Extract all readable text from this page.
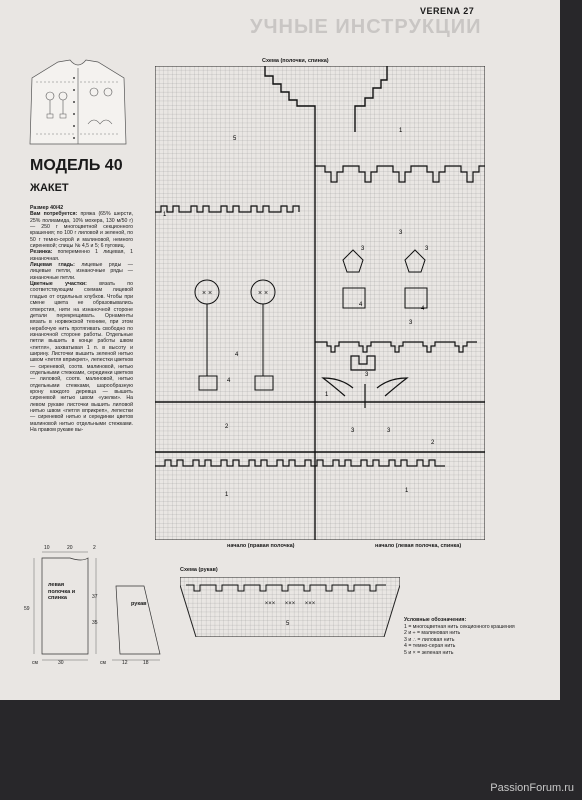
УЧНЫЕ ИНСТРУКЦИИ
VERENA 27
МОДЕЛЬ 40
ЖАКЕТ

Размер 40/42

Вам потребуется: пряжа (65% шерсти, 25% полиамида, 10% мохера, 130 м/50 г) — 250 г многоцветной секционного крашения; по 100 г лиловой и зеленой, по 50 г темно-серой и малиновой, немного сиреневой; спицы № 4,5 и 5; 6 пуговиц.

Резинка: попеременно 1 лицевая, 1 изнаночная.

Лицевая гладь: лицевые ряды — лицевые петли, изнаночные ряды — изнаночные петли.

Цветные участки: вязать по соответствующим схемам лицевой гладью от отдельных клубков. Чтобы при смене цвета не образовывались отверстия, нити на изнаночной стороне детали перекрещивать. Орнаменты вязать в норвежской технике, при этом нерабочую нить протягивать свободно по изнаночной стороне работы. Отдельные петли вышить в конце работы швом «петля», захватывая 1 п. в высоту и ширину. Листочки вышить зеленой нитью швом «петля вприкреп», лепестки цветков — сиреневой, соотв. малиновой, нитью отдельными стежками, серединки цветков — лиловой, соотв. малиновой, нитью отдельными стежками, шарообразную крону каждого деревца — вышить сиреневой нитью швом «узелки». На левом рукаве листочки вышить лиловой нитью швом «петля вприкреп», лепестки — сиреневой нитью и серединки цветов малиновой нитью отдельными стежками. На правом рукаве вы-

левая полочка и спинка
рукав
10	20	2
59
35
37
30	12	18
см	см
Схема (полочки, спинка)
× ×	× ×
5
1
1
3
3	3
4
4
3
4
4
1
3	3
3
2
2
1
1
начало (правая полочка)	начало (левая полочка, спинка)
Схема (рукав)
××× ××× ×××
5

Условные обозначения:

1 = многоцветная нить секционного крашения

2 и ÷ = малиновая нить

3 и ∴ = лиловая нить

4 = темно-серая нить

5 и × = зеленая нить

PassionForum.ru
